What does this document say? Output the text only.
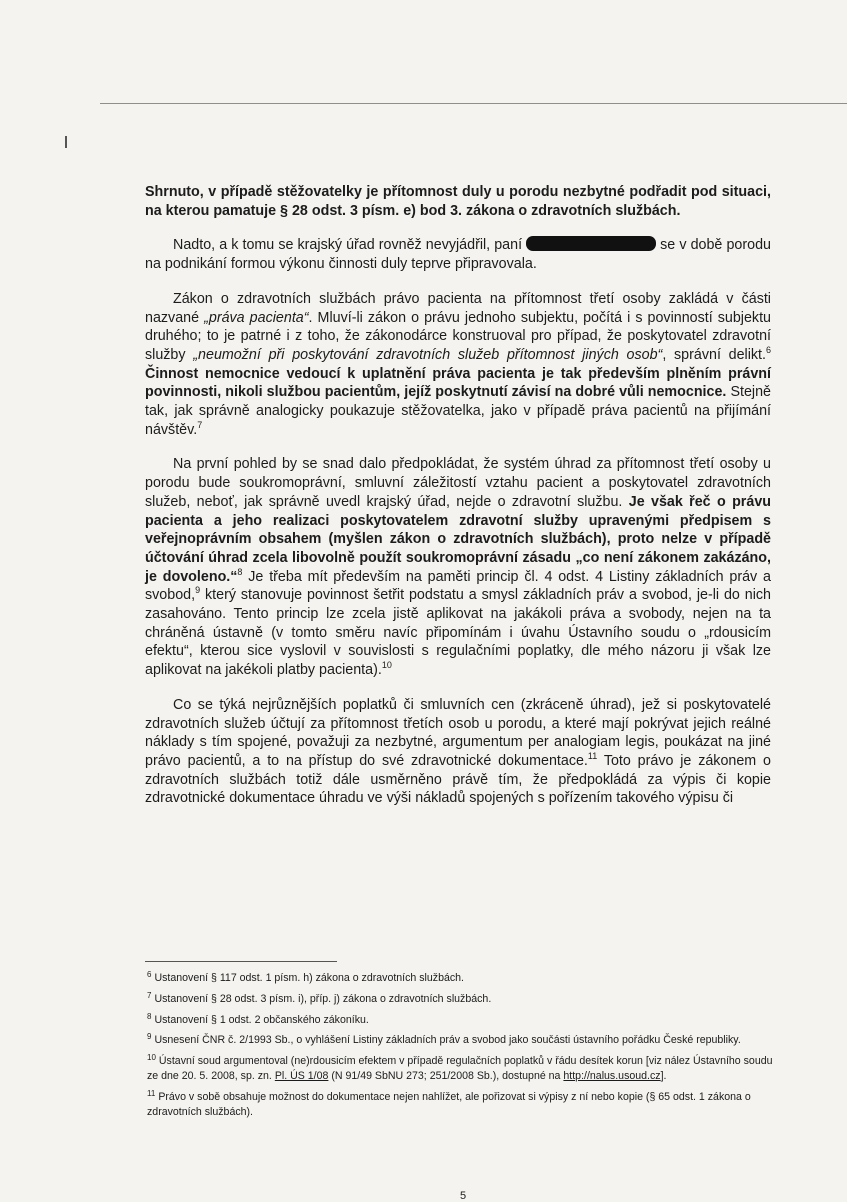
Shrnuto, v případě stěžovatelky je přítomnost duly u porodu nezbytné podřadit pod situaci, na kterou pamatuje § 28 odst. 3 písm. e) bod 3. zákona o zdravotních službách.

Nadto, a k tomu se krajský úřad rovněž nevyjádřil, paní	se v době porodu na podnikání formou výkonu činnosti duly teprve připravovala.

Zákon o zdravotních službách právo pacienta na přítomnost třetí osoby zakládá v části nazvané „práva pacienta“. Mluví-li zákon o právu jednoho subjektu, počítá i s povinností subjektu druhého; to je patrné i z toho, že zákonodárce konstruoval pro případ, že poskytovatel zdravotní služby „neumožní při poskytování zdravotních služeb přítomnost jiných osob“, správní delikt.$^6$ Činnost nemocnice vedoucí k uplatnění práva pacienta je tak především plněním právní povinnosti, nikoli službou pacientům, jejíž poskytnutí závisí na dobré vůli nemocnice. Stejně tak, jak správně analogicky poukazuje stěžovatelka, jako v případě práva pacientů na přijímání návštěv.$^7$

Na první pohled by se snad dalo předpokládat, že systém úhrad za přítomnost třetí osoby u porodu bude soukromoprávní, smluvní záležitostí vztahu pacient a poskytovatel zdravotních služeb, neboť, jak správně uvedl krajský úřad, nejde o zdravotní službu. Je však řeč o právu pacienta a jeho realizaci poskytovatelem zdravotní služby upravenými předpisem s veřejnoprávním obsahem (myšlen zákon o zdravotních službách), proto nelze v případě účtování úhrad zcela libovolně použít soukromoprávní zásadu „co není zákonem zakázáno, je dovoleno.“$^8$ Je třeba mít především na paměti princip čl. 4 odst. 4 Listiny základních práv a svobod,$^9$ který stanovuje povinnost šetřit podstatu a smysl základních práv a svobod, je-li do nich zasahováno. Tento princip lze zcela jistě aplikovat na jakákoli práva a svobody, nejen na ta chráněná ústavně (v tomto směru navíc připomínám i úvahu Ústavního soudu o „rdousicím efektu“, kterou sice vyslovil v souvislosti s regulačními poplatky, dle mého názoru ji však lze aplikovat na jakékoli platby pacienta).$^{10}$

Co se týká nejrůznějších poplatků či smluvních cen (zkráceně úhrad), jež si poskytovatelé zdravotních služeb účtují za přítomnost třetích osob u porodu, a které mají pokrývat jejich reálné náklady s tím spojené, považuji za nezbytné, argumentum per analogiam legis, poukázat na jiné právo pacientů, a to na přístup do své zdravotnické dokumentace.$^{11}$ Toto právo je zákonem o zdravotních službách totiž dále usměrněno právě tím, že předpokládá za výpis či kopie zdravotnické dokumentace úhradu ve výši nákladů spojených s pořízením takového výpisu či

$^6$ Ustanovení § 117 odst. 1 písm. h) zákona o zdravotních službách.

$^7$ Ustanovení § 28 odst. 3 písm. i), příp. j) zákona o zdravotních službách.

$^8$ Ustanovení § 1 odst. 2 občanského zákoníku.

$^9$ Usnesení ČNR č. 2/1993 Sb., o vyhlášení Listiny základních práv a svobod jako součásti ústavního pořádku České republiky.

$^{10}$ Ústavní soud argumentoval (ne)rdousicím efektem v případě regulačních poplatků v řádu desítek korun [viz nález Ústavního soudu ze dne 20. 5. 2008, sp. zn. Pl. ÚS 1/08 (N 91/49 SbNU 273; 251/2008 Sb.), dostupné na http://nalus.usoud.cz].

$^{11}$ Právo v sobě obsahuje možnost do dokumentace nejen nahlížet, ale pořizovat si výpisy z ní nebo kopie (§ 65 odst. 1 zákona o zdravotních službách).

5
